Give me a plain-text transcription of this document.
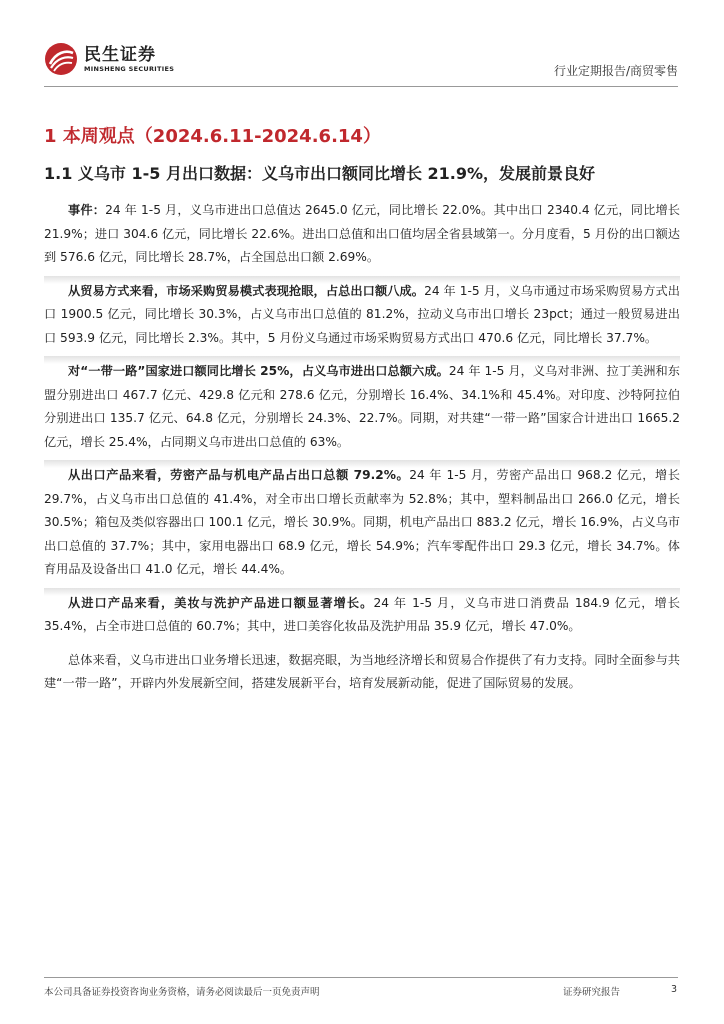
民生证券
MINSHENG SECURITIES	行业定期报告/商贸零售
1 本周观点（2024.6.11-2024.6.14）
1.1 义乌市 1-5 月出口数据：义乌市出口额同比增长 21.9%，发展前景良好

事件：24 年 1-5 月，义乌市进出口总值达 2645.0 亿元，同比增长 22.0%。其中出口 2340.4 亿元，同比增长 21.9%；进口 304.6 亿元，同比增长 22.6%。进出口总值和出口值均居全省县域第一。分月度看，5 月份的出口额达到 576.6 亿元，同比增长 28.7%，占全国总出口额 2.69%。

从贸易方式来看，市场采购贸易模式表现抢眼，占总出口额八成。24 年 1-5 月，义乌市通过市场采购贸易方式出口 1900.5 亿元，同比增长 30.3%，占义乌市出口总值的 81.2%，拉动义乌市出口增长 23pct；通过一般贸易进出口 593.9 亿元，同比增长 2.3%。其中，5 月份义乌通过市场采购贸易方式出口 470.6 亿元，同比增长 37.7%。

对“一带一路”国家进口额同比增长 25%，占义乌市进出口总额六成。24 年 1-5 月，义乌对非洲、拉丁美洲和东盟分别进出口 467.7 亿元、429.8 亿元和 278.6 亿元，分别增长 16.4%、34.1%和 45.4%。对印度、沙特阿拉伯分别进出口 135.7 亿元、64.8 亿元，分别增长 24.3%、22.7%。同期，对共建“一带一路”国家合计进出口 1665.2 亿元，增长 25.4%，占同期义乌市进出口总值的 63%。

从出口产品来看，劳密产品与机电产品占出口总额 79.2%。24 年 1-5 月，劳密产品出口 968.2 亿元，增长 29.7%，占义乌市出口总值的 41.4%，对全市出口增长贡献率为 52.8%；其中，塑料制品出口 266.0 亿元，增长 30.5%；箱包及类似容器出口 100.1 亿元，增长 30.9%。同期，机电产品出口 883.2 亿元，增长 16.9%，占义乌市出口总值的 37.7%；其中，家用电器出口 68.9 亿元，增长 54.9%；汽车零配件出口 29.3 亿元，增长 34.7%。体育用品及设备出口 41.0 亿元，增长 44.4%。

从进口产品来看，美妆与洗护产品进口额显著增长。24 年 1-5 月，义乌市进口消费品 184.9 亿元，增长 35.4%，占全市进口总值的 60.7%；其中，进口美容化妆品及洗护用品 35.9 亿元，增长 47.0%。

总体来看，义乌市进出口业务增长迅速，数据亮眼，为当地经济增长和贸易合作提供了有力支持。同时全面参与共建“一带一路”，开辟内外发展新空间，搭建发展新平台，培育发展新动能，促进了国际贸易的发展。

本公司具备证券投资咨询业务资格，请务必阅读最后一页免责声明	证券研究报告	3
